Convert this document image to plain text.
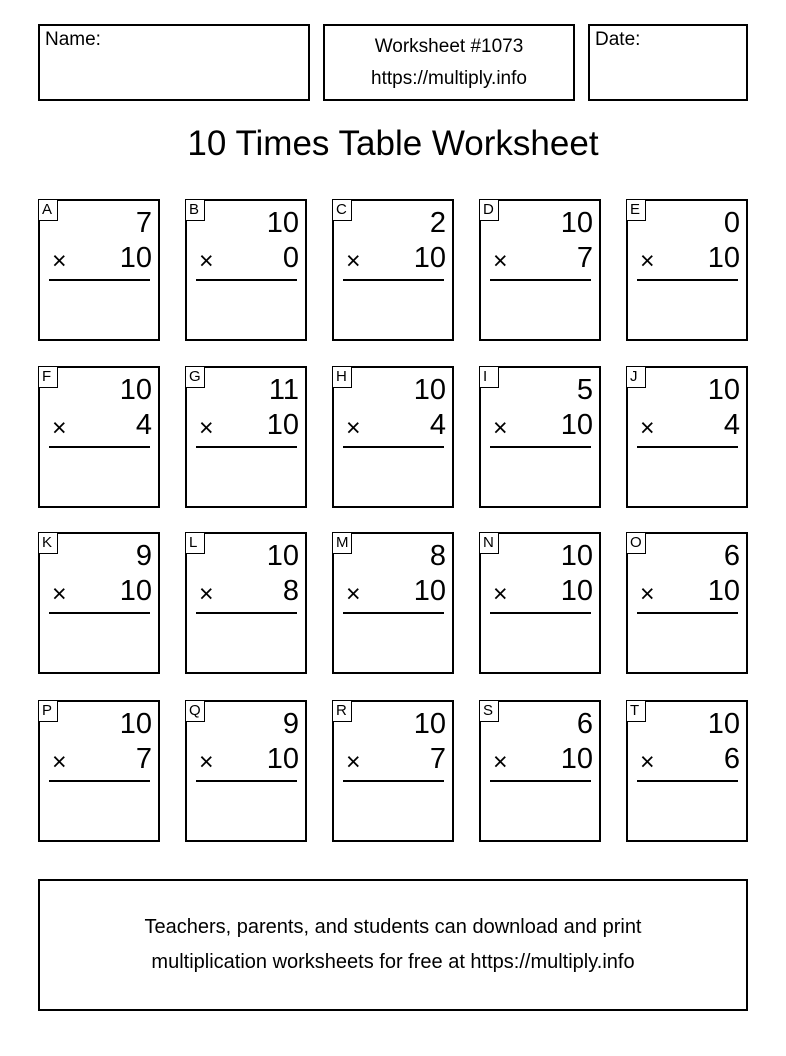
Name:	Worksheet #1073
https://multiply.info
Date:
10 Times Table Worksheet
A	7
× 10
B 10
× 0
C	2
× 10
D 10
× 7
E	0
× 10
F 10
× 4
G 11
× 10
H 10
× 4
I	5
× 10
J 10
× 4
K	9
× 10
L 10
× 8
M	8
× 10
N 10
× 10
O	6
× 10
P 10
× 7
Q	9
× 10
R 10
× 7
S	6
× 10
T 10
× 6
Teachers, parents, and students can download and print
multiplication worksheets for free at https://multiply.info
